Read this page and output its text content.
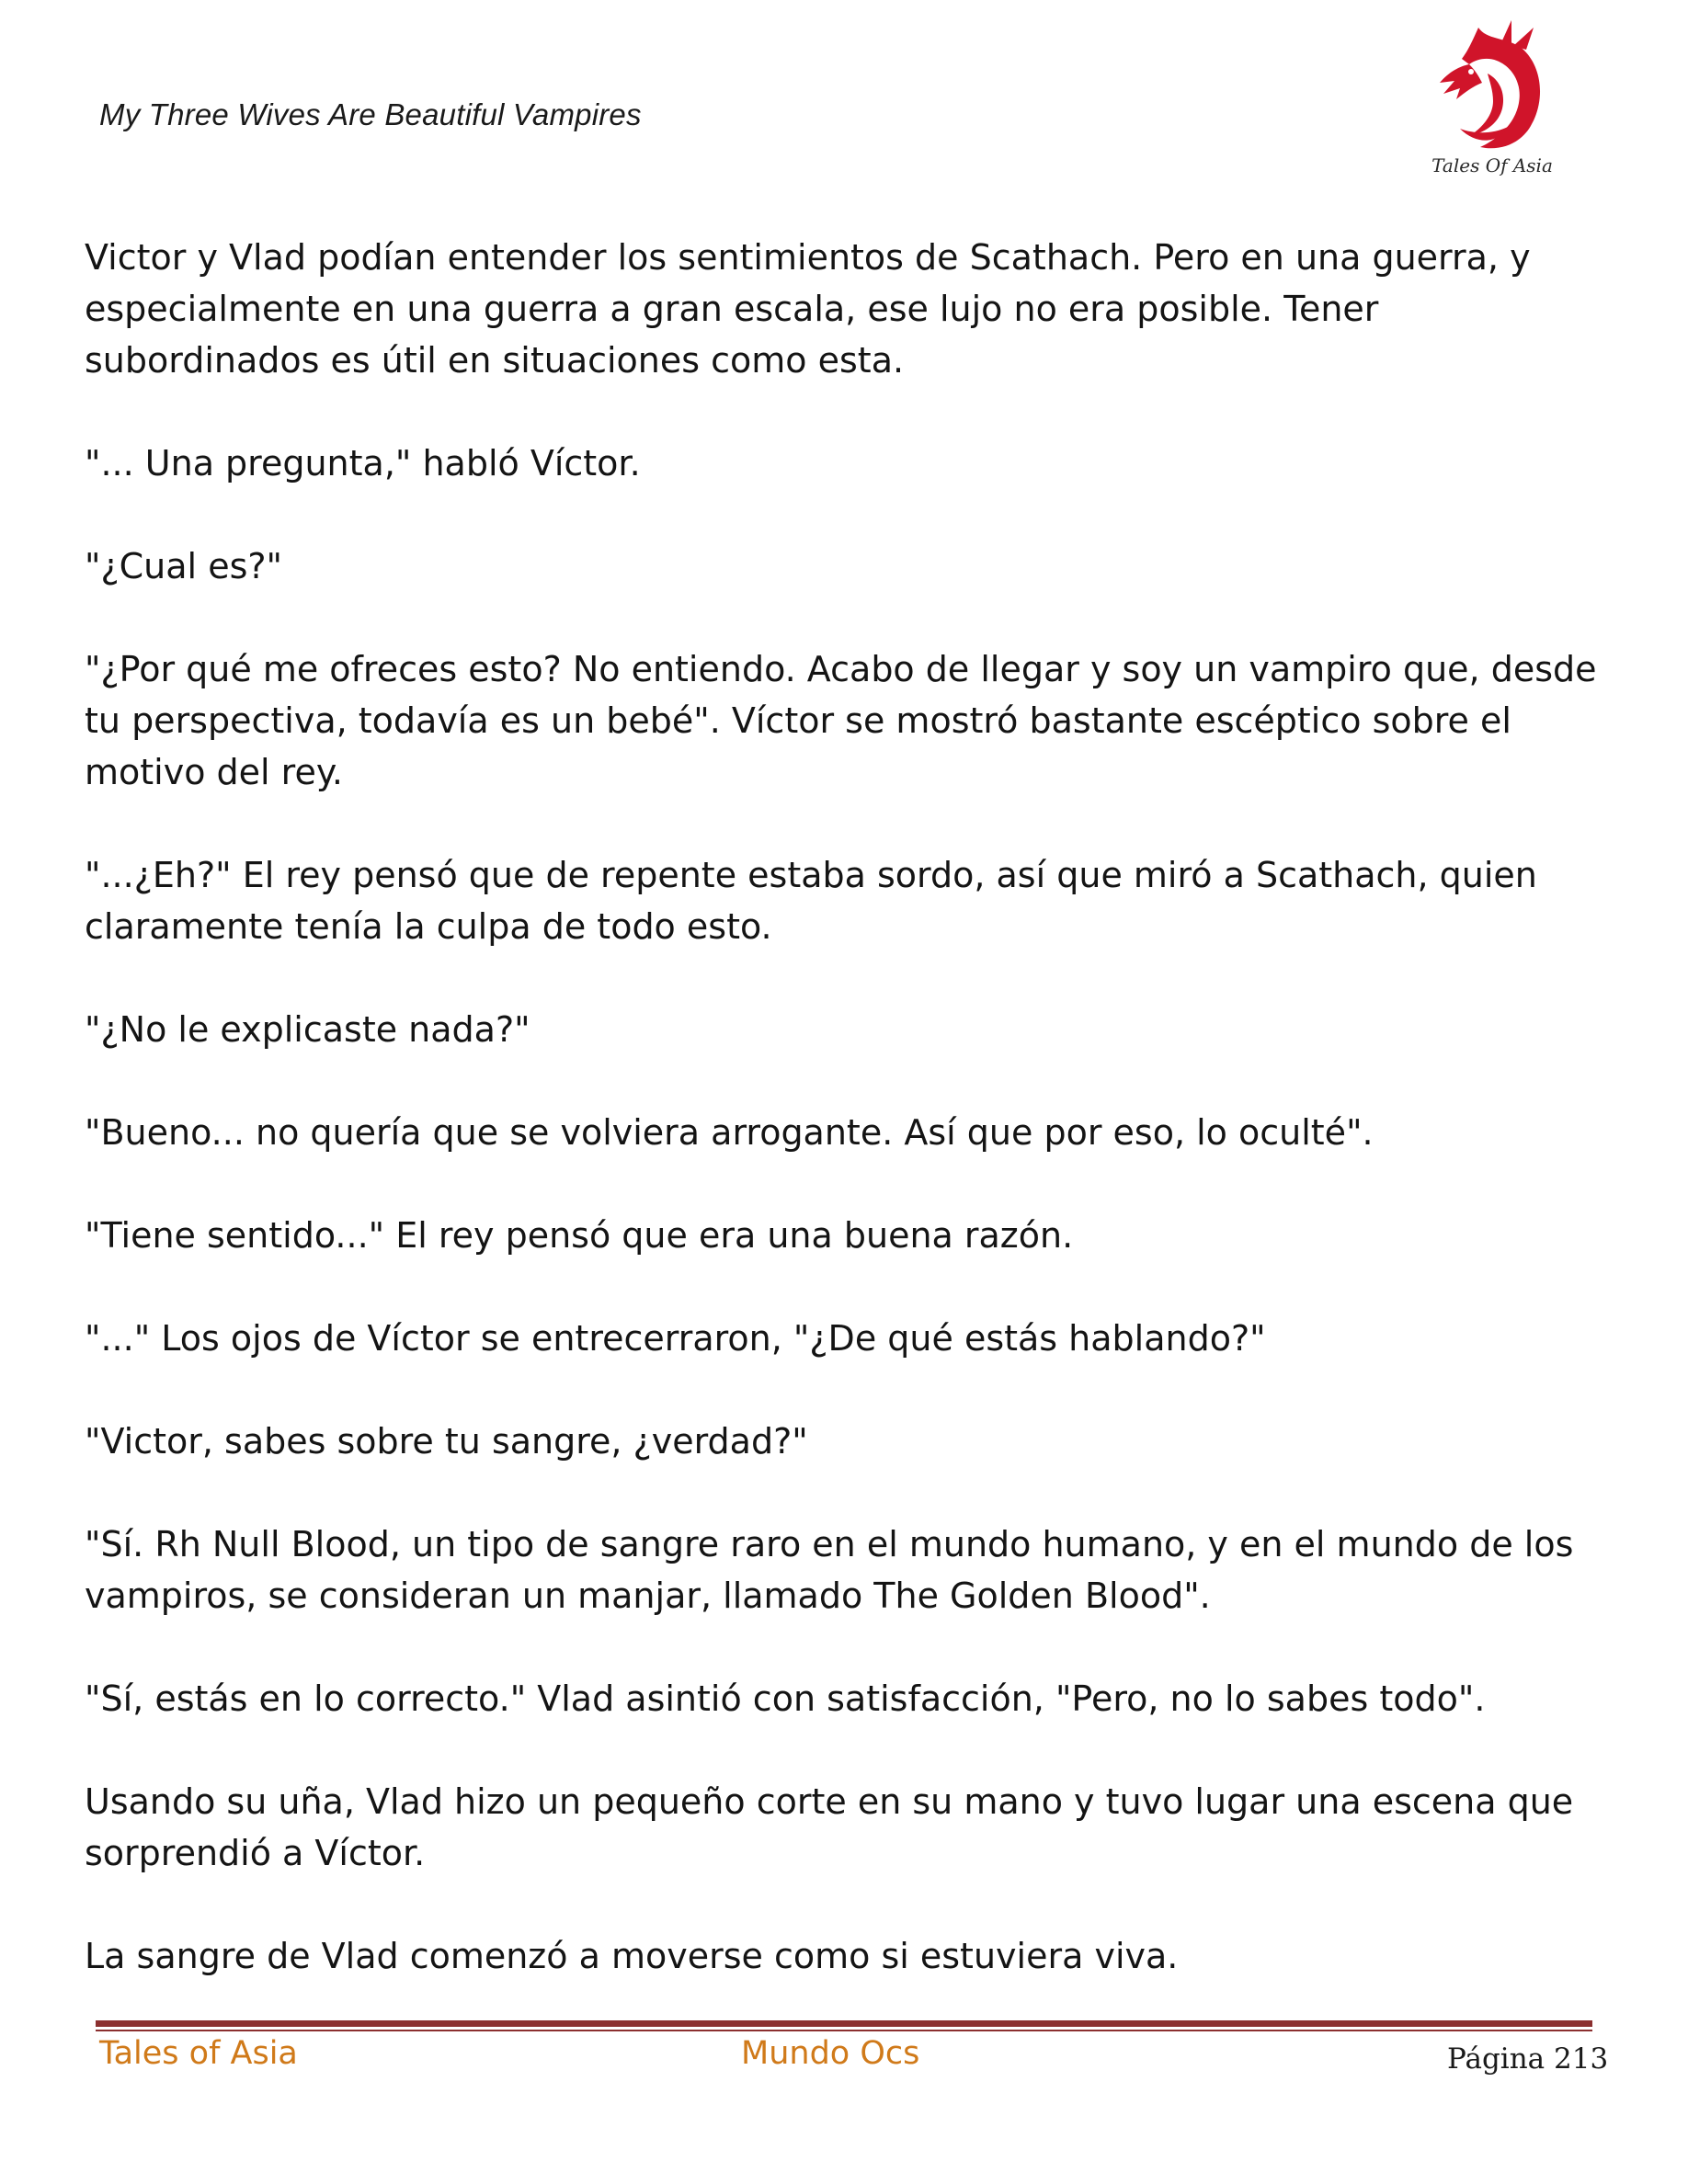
My Three Wives Are Beautiful Vampires
Tales Of Asia

Victor y Vlad podían entender los sentimientos de Scathach. Pero en una guerra, y especialmente en una guerra a gran escala, ese lujo no era posible. Tener subordinados es útil en situaciones como esta.

"... Una pregunta," habló Víctor.

"¿Cual es?"

"¿Por qué me ofreces esto? No entiendo. Acabo de llegar y soy un vampiro que, desde tu perspectiva, todavía es un bebé". Víctor se mostró bastante escéptico sobre el motivo del rey.

"...¿Eh?" El rey pensó que de repente estaba sordo, así que miró a Scathach, quien claramente tenía la culpa de todo esto.

"¿No le explicaste nada?"

"Bueno... no quería que se volviera arrogante. Así que por eso, lo oculté".

"Tiene sentido..." El rey pensó que era una buena razón.

"..." Los ojos de Víctor se entrecerraron, "¿De qué estás hablando?"

"Victor, sabes sobre tu sangre, ¿verdad?"

"Sí. Rh Null Blood, un tipo de sangre raro en el mundo humano, y en el mundo de los vampiros, se consideran un manjar, llamado The Golden Blood".

"Sí, estás en lo correcto." Vlad asintió con satisfacción, "Pero, no lo sabes todo".

Usando su uña, Vlad hizo un pequeño corte en su mano y tuvo lugar una escena que sorprendió a Víctor.

La sangre de Vlad comenzó a moverse como si estuviera viva.

Tales of Asia	Mundo Ocs	Página 213
